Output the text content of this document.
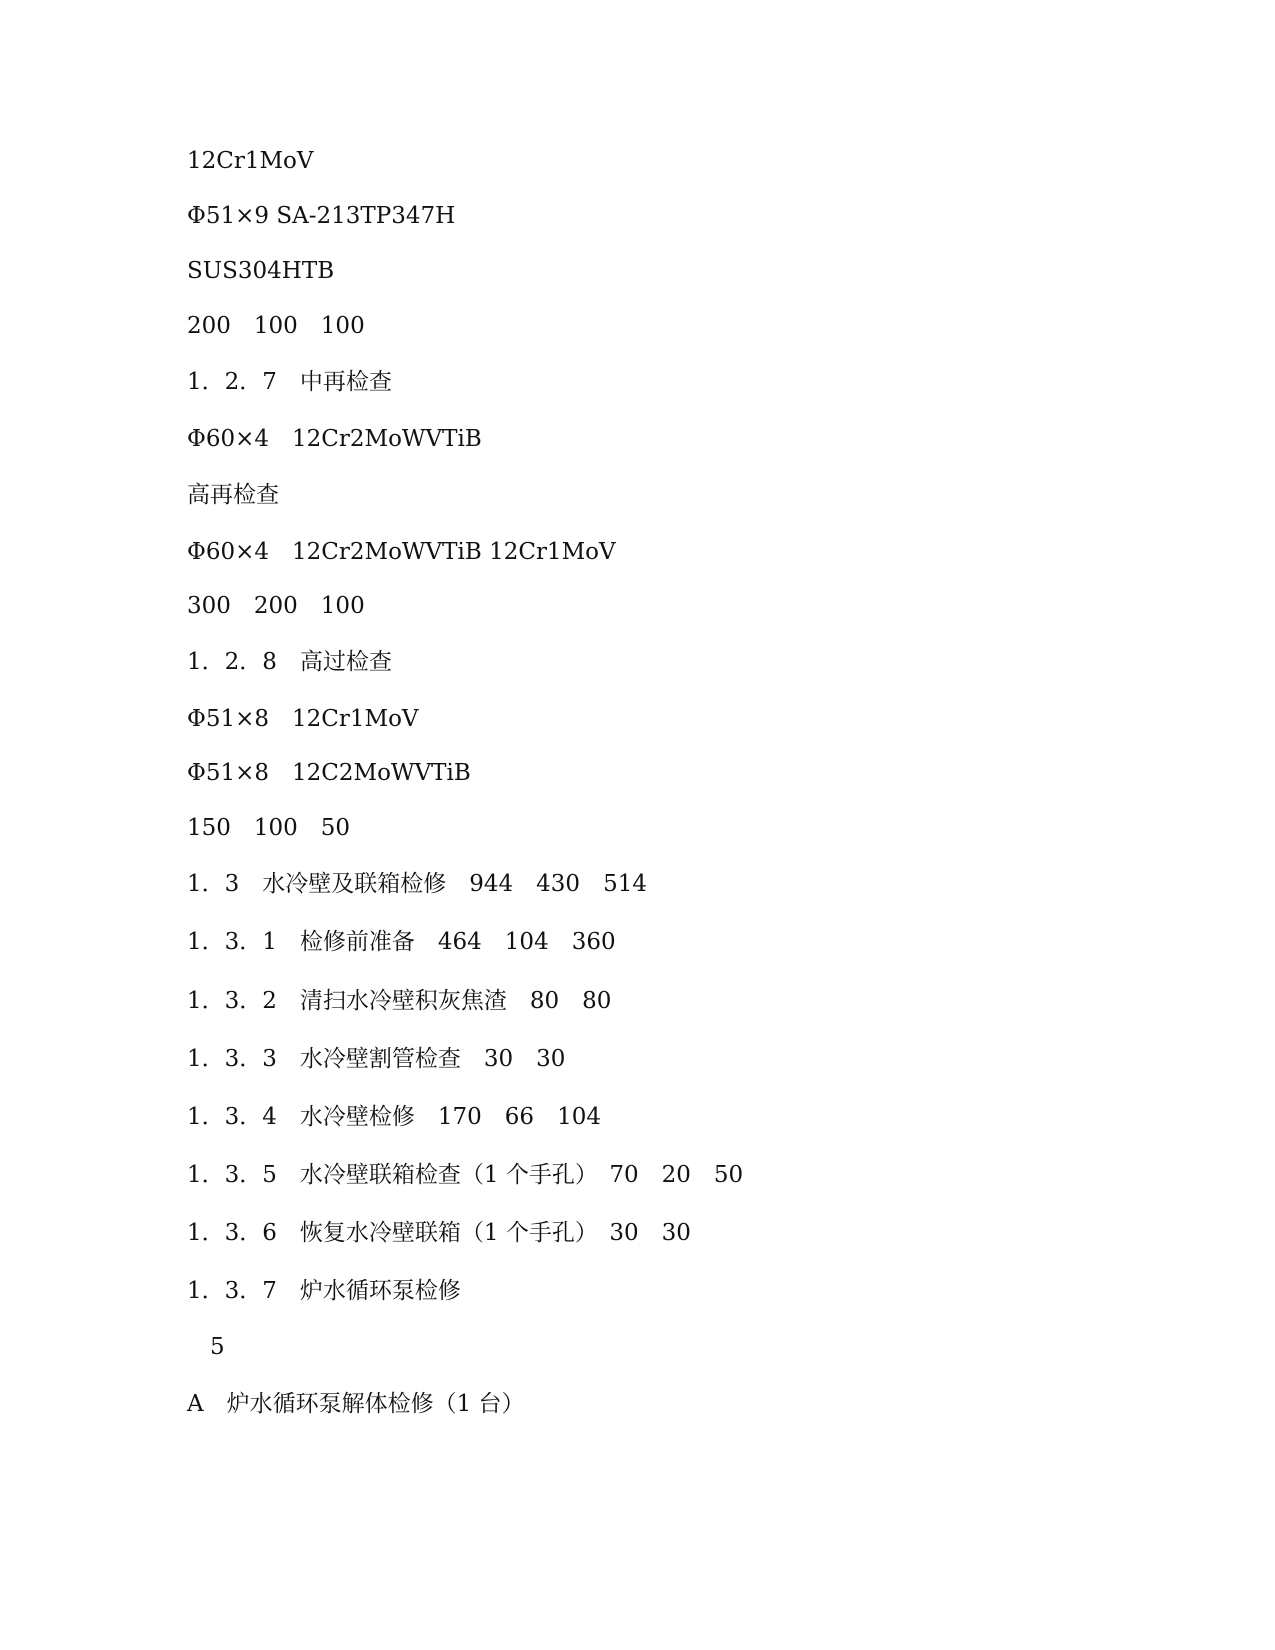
12Cr1MoV

Φ51×9 SA-213TP347H

SUS304HTB

200　100　100

1．2．7　中再检查

Φ60×4　12Cr2MoWVTiB

高再检查

Φ60×4　12Cr2MoWVTiB 12Cr1MoV

300　200　100

1．2．8　高过检查

Φ51×8　12Cr1MoV

Φ51×8　12C2MoWVTiB

150　100　50

1．3　水冷壁及联箱检修　944　430　514

1．3．1　检修前准备　464　104　360

1．3．2　清扫水冷壁积灰焦渣　80　80

1．3．3　水冷壁割管检查　30　30

1．3．4　水冷壁检修　170　66　104

1．3．5　水冷壁联箱检查（1 个手孔）　70　20　50

1．3．6　恢复水冷壁联箱（1 个手孔）　30　30

1．3．7　炉水循环泵检修

　5

A　炉水循环泵解体检修（1 台）
